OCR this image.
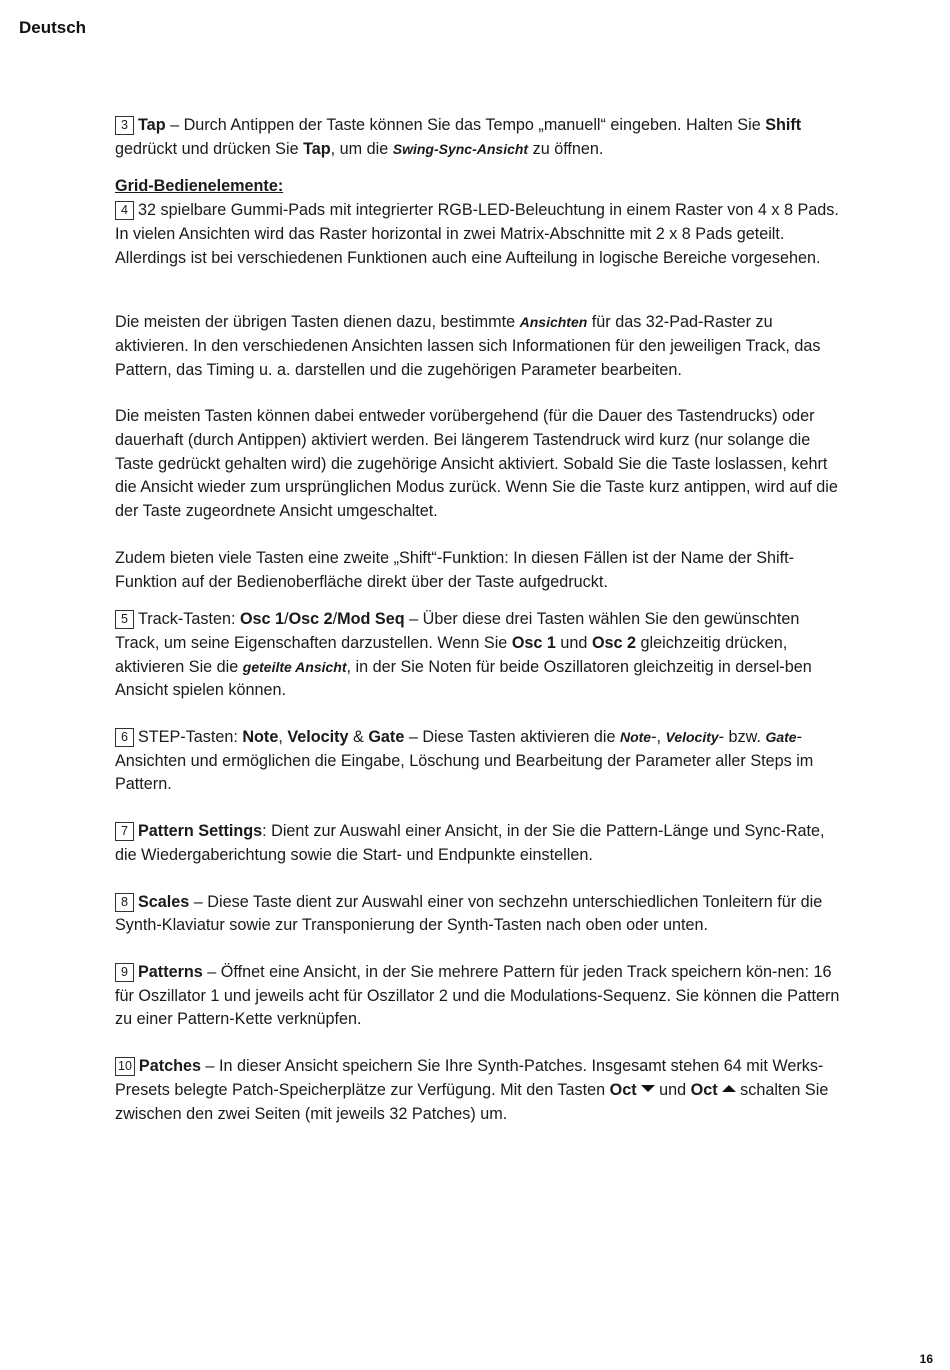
Deutsch

3 Tap – Durch Antippen der Taste können Sie das Tempo „manuell“ eingeben. Halten Sie Shift gedrückt und drücken Sie Tap, um die Swing-Sync-Ansicht zu öffnen.

Grid-Bedienelemente:

4 32 spielbare Gummi-Pads mit integrierter RGB-LED-Beleuchtung in einem Raster von 4 x 8 Pads. In vielen Ansichten wird das Raster horizontal in zwei Matrix-Abschnitte mit 2 x 8 Pads geteilt. Allerdings ist bei verschiedenen Funktionen auch eine Aufteilung in logische Bereiche vorgesehen.

Die meisten der übrigen Tasten dienen dazu, bestimmte Ansichten für das 32-Pad-Raster zu aktivieren. In den verschiedenen Ansichten lassen sich Informationen für den jeweiligen Track, das Pattern, das Timing u. a. darstellen und die zugehörigen Parameter bearbeiten.

Die meisten Tasten können dabei entweder vorübergehend (für die Dauer des Tastendrucks) oder dauerhaft (durch Antippen) aktiviert werden. Bei längerem Tastendruck wird kurz (nur solange die Taste gedrückt gehalten wird) die zugehörige Ansicht aktiviert. Sobald Sie die Taste loslassen, kehrt die Ansicht wieder zum ursprünglichen Modus zurück. Wenn Sie die Taste kurz antippen, wird auf die der Taste zugeordnete Ansicht umgeschaltet.

Zudem bieten viele Tasten eine zweite „Shift“-Funktion: In diesen Fällen ist der Name der Shift-Funktion auf der Bedienoberfläche direkt über der Taste aufgedruckt.

5 Track-Tasten: Osc 1/Osc 2/Mod Seq – Über diese drei Tasten wählen Sie den gewünschten Track, um seine Eigenschaften darzustellen. Wenn Sie Osc 1 und Osc 2 gleichzeitig drücken, aktivieren Sie die geteilte Ansicht, in der Sie Noten für beide Oszillatoren gleichzeitig in dersel-ben Ansicht spielen können.

6 STEP-Tasten: Note, Velocity & Gate – Diese Tasten aktivieren die Note-, Velocity- bzw. Gate-Ansichten und ermöglichen die Eingabe, Löschung und Bearbeitung der Parameter aller Steps im Pattern.

7 Pattern Settings: Dient zur Auswahl einer Ansicht, in der Sie die Pattern-Länge und Sync-Rate, die Wiedergaberichtung sowie die Start- und Endpunkte einstellen.

8 Scales – Diese Taste dient zur Auswahl einer von sechzehn unterschiedlichen Tonleitern für die Synth-Klaviatur sowie zur Transponierung der Synth-Tasten nach oben oder unten.

9 Patterns – Öffnet eine Ansicht, in der Sie mehrere Pattern für jeden Track speichern kön-nen: 16 für Oszillator 1 und jeweils acht für Oszillator 2 und die Modulations-Sequenz. Sie können die Pattern zu einer Pattern-Kette verknüpfen.

10 Patches – In dieser Ansicht speichern Sie Ihre Synth-Patches. Insgesamt stehen 64 mit Werks-Presets belegte Patch-Speicherplätze zur Verfügung. Mit den Tasten Oct und Oct schalten Sie zwischen den zwei Seiten (mit jeweils 32 Patches) um.

16
